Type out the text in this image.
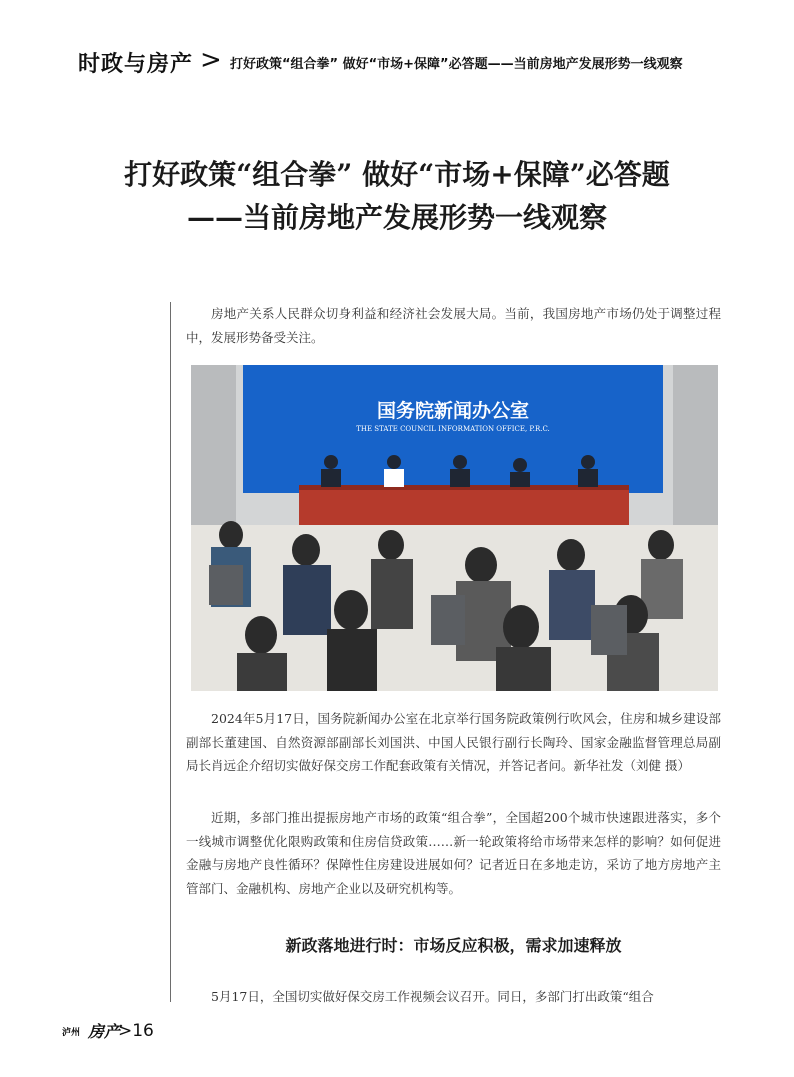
时政与房产 > 打好政策“组合拳” 做好“市场+保障”必答题——当前房地产发展形势一线观察
打好政策“组合拳” 做好“市场+保障”必答题
——当前房地产发展形势一线观察

房地产关系人民群众切身利益和经济社会发展大局。当前，我国房地产市场仍处于调整过程中，发展形势备受关注。

国务院新闻办公室
THE STATE COUNCIL INFORMATION OFFICE, P.R.C.

2024年5月17日，国务院新闻办公室在北京举行国务院政策例行吹风会，住房和城乡建设部副部长董建国、自然资源部副部长刘国洪、中国人民银行副行长陶玲、国家金融监督管理总局副局长肖远企介绍切实做好保交房工作配套政策有关情况，并答记者问。新华社发（刘健 摄）

近期，多部门推出提振房地产市场的政策“组合拳”，全国超200个城市快速跟进落实，多个一线城市调整优化限购政策和住房信贷政策……新一轮政策将给市场带来怎样的影响？如何促进金融与房地产良性循环？保障性住房建设进展如何？记者近日在多地走访，采访了地方房地产主管部门、金融机构、房地产企业以及研究机构等。

新政落地进行时：市场反应积极，需求加速释放

5月17日，全国切实做好保交房工作视频会议召开。同日，多部门打出政策“组合

泸州 房产
>16
